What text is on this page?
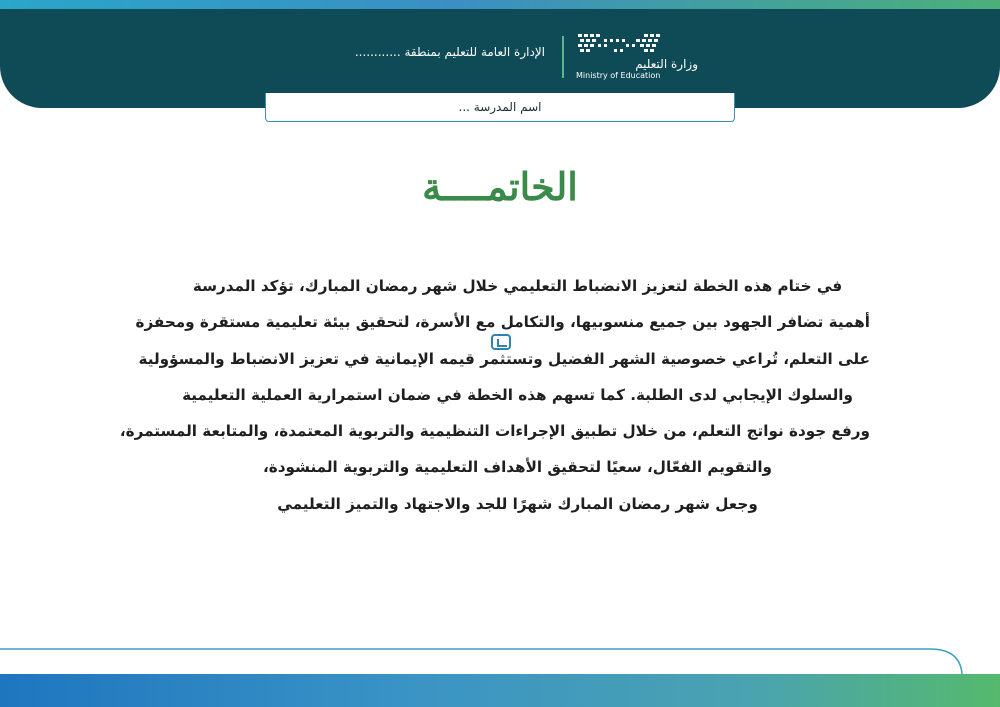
الإدارة العامة للتعليم بمنطقة ............
وزارة التعليم
Ministry of Education
اسم المدرسة ...
الخاتمــــة
في ختام هذه الخطة لتعزيز الانضباط التعليمي خلال شهر رمضان المبارك، تؤكد المدرسة
أهمية تضافر الجهود بين جميع منسوبيها، والتكامل مع الأسرة، لتحقيق بيئة تعليمية مستقرة ومحفزة
على التعلم، تُراعي خصوصية الشهر الفضيل وتستثمر قيمه الإيمانية في تعزيز الانضباط والمسؤولية
والسلوك الإيجابي لدى الطلبة. كما تسهم هذه الخطة في ضمان استمرارية العملية التعليمية
ورفع جودة نواتج التعلم، من خلال تطبيق الإجراءات التنظيمية والتربوية المعتمدة، والمتابعة المستمرة،
والتقويم الفعّال، سعيًا لتحقيق الأهداف التعليمية والتربوية المنشودة،
وجعل شهر رمضان المبارك شهرًا للجد والاجتهاد والتميز التعليمي
